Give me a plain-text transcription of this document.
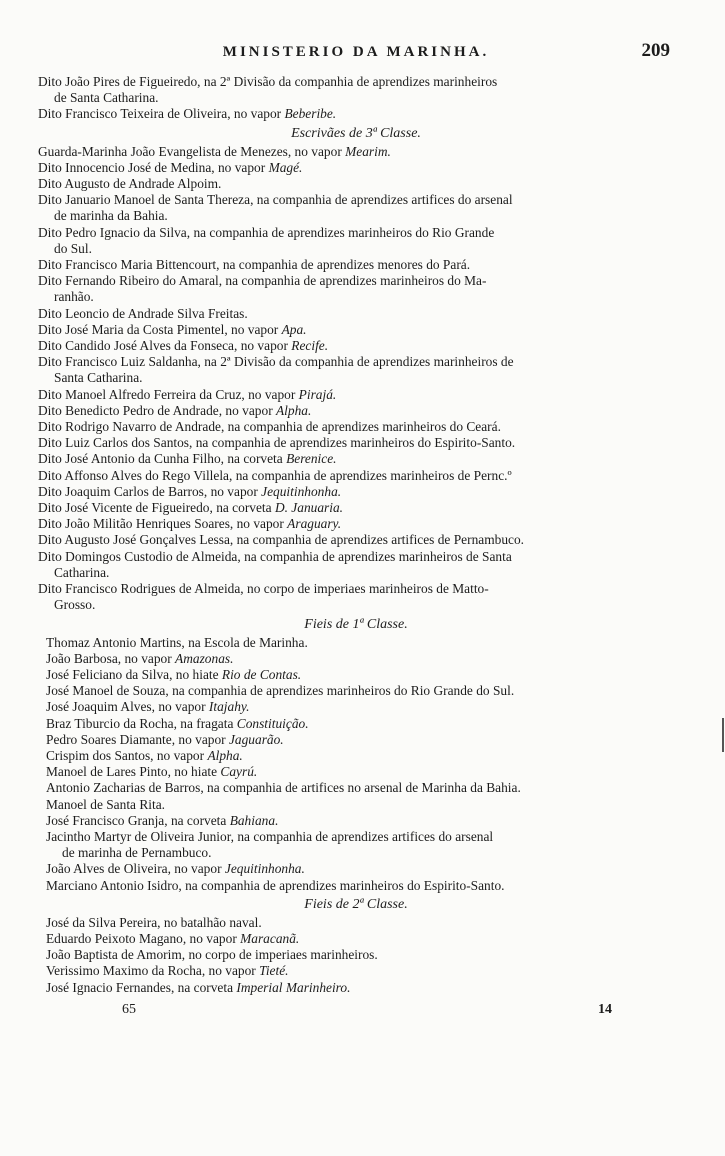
MINISTERIO DA MARINHA.	209
Dito João Pires de Figueiredo, na 2ª Divisão da companhia de aprendizes marinheiros
de Santa Catharina.
Dito Francisco Teixeira de Oliveira, no vapor Beberibe.
Escrivães de 3ª Classe.
Guarda-Marinha João Evangelista de Menezes, no vapor Mearim.
Dito Innocencio José de Medina, no vapor Magé.
Dito Augusto de Andrade Alpoim.
Dito Januario Manoel de Santa Thereza, na companhia de aprendizes artifices do arsenal
de marinha da Bahia.
Dito Pedro Ignacio da Silva, na companhia de aprendizes marinheiros do Rio Grande
do Sul.
Dito Francisco Maria Bittencourt, na companhia de aprendizes menores do Pará.
Dito Fernando Ribeiro do Amaral, na companhia de aprendizes marinheiros do Ma-
ranhão.
Dito Leoncio de Andrade Silva Freitas.
Dito José Maria da Costa Pimentel, no vapor Apa.
Dito Candido José Alves da Fonseca, no vapor Recife.
Dito Francisco Luiz Saldanha, na 2ª Divisão da companhia de aprendizes marinheiros de
Santa Catharina.
Dito Manoel Alfredo Ferreira da Cruz, no vapor Pirajá.
Dito Benedicto Pedro de Andrade, no vapor Alpha.
Dito Rodrigo Navarro de Andrade, na companhia de aprendizes marinheiros do Ceará.
Dito Luiz Carlos dos Santos, na companhia de aprendizes marinheiros do Espirito-Santo.
Dito José Antonio da Cunha Filho, na corveta Berenice.
Dito Affonso Alves do Rego Villela, na companhia de aprendizes marinheiros de Pernc.º
Dito Joaquim Carlos de Barros, no vapor Jequitinhonha.
Dito José Vicente de Figueiredo, na corveta D. Januaria.
Dito João Militão Henriques Soares, no vapor Araguary.
Dito Augusto José Gonçalves Lessa, na companhia de aprendizes artifices de Pernambuco.
Dito Domingos Custodio de Almeida, na companhia de aprendizes marinheiros de Santa
Catharina.
Dito Francisco Rodrigues de Almeida, no corpo de imperiaes marinheiros de Matto-
Grosso.
Fieis de 1ª Classe.
Thomaz Antonio Martins, na Escola de Marinha.
João Barbosa, no vapor Amazonas.
José Feliciano da Silva, no hiate Rio de Contas.
José Manoel de Souza, na companhia de aprendizes marinheiros do Rio Grande do Sul.
José Joaquim Alves, no vapor Itajahy.
Braz Tiburcio da Rocha, na fragata Constituição.
Pedro Soares Diamante, no vapor Jaguarão.
Crispim dos Santos, no vapor Alpha.
Manoel de Lares Pinto, no hiate Cayrú.
Antonio Zacharias de Barros, na companhia de artifices no arsenal de Marinha da Bahia.
Manoel de Santa Rita.
José Francisco Granja, na corveta Bahiana.
Jacintho Martyr de Oliveira Junior, na companhia de aprendizes artifices do arsenal
de marinha de Pernambuco.
João Alves de Oliveira, no vapor Jequitinhonha.
Marciano Antonio Isidro, na companhia de aprendizes marinheiros do Espirito-Santo.
Fieis de 2ª Classe.
José da Silva Pereira, no batalhão naval.
Eduardo Peixoto Magano, no vapor Maracanã.
João Baptista de Amorim, no corpo de imperiaes marinheiros.
Verissimo Maximo da Rocha, no vapor Tieté.
José Ignacio Fernandes, na corveta Imperial Marinheiro.
65	14
